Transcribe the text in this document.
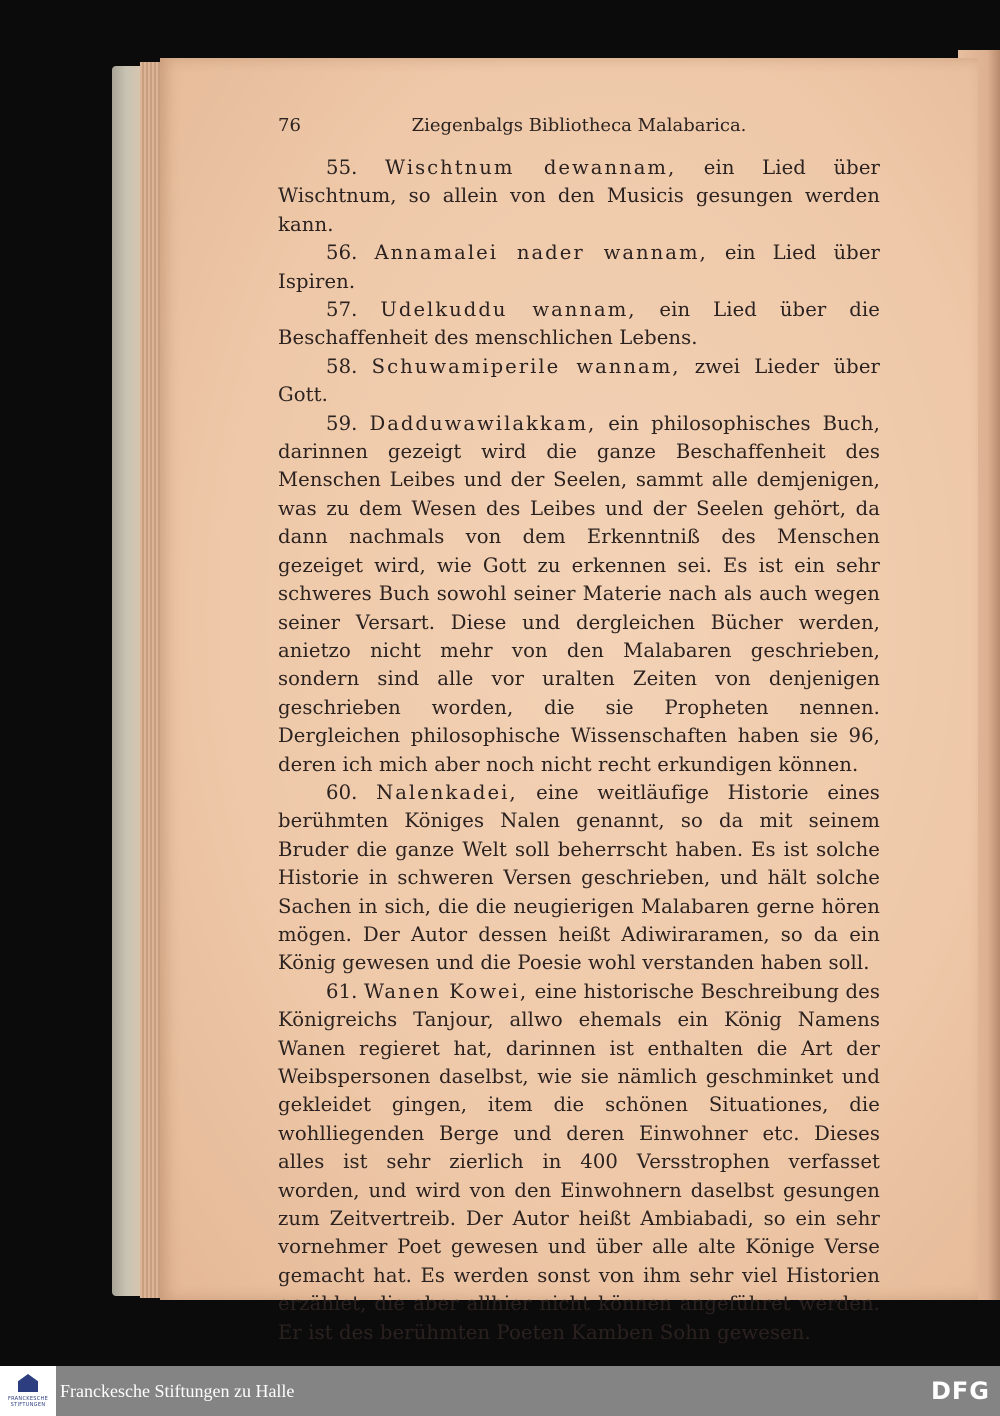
76	Ziegenbalgs Bibliotheca Malabarica.

55. Wischtnum dewannam, ein Lied über Wischtnum, so allein von den Musicis gesungen werden kann.

56. Annamalei nader wannam, ein Lied über Ispiren.

57. Udelkuddu wannam, ein Lied über die Beschaffenheit des menschlichen Lebens.

58. Schuwamiperile wannam, zwei Lieder über Gott.

59. Dadduwawilakkam, ein philosophisches Buch, darinnen gezeigt wird die ganze Beschaffenheit des Menschen Leibes und der Seelen, sammt alle demjenigen, was zu dem Wesen des Leibes und der Seelen gehört, da dann nachmals von dem Erkenntniß des Menschen gezeiget wird, wie Gott zu erkennen sei. Es ist ein sehr schweres Buch sowohl seiner Materie nach als auch wegen seiner Versart. Diese und dergleichen Bücher werden, anietzo nicht mehr von den Malabaren geschrieben, sondern sind alle vor uralten Zeiten von denjenigen geschrieben worden, die sie Propheten nennen. Dergleichen philosophische Wissenschaften haben sie 96, deren ich mich aber noch nicht recht erkundigen können.

60. Nalenkadei, eine weitläufige Historie eines berühmten Königes Nalen genannt, so da mit seinem Bruder die ganze Welt soll beherrscht haben. Es ist solche Historie in schweren Versen geschrieben, und hält solche Sachen in sich, die die neugierigen Malabaren gerne hören mögen. Der Autor dessen heißt Adiwiraramen, so da ein König gewesen und die Poesie wohl verstanden haben soll.

61. Wanen Kowei, eine historische Beschreibung des Königreichs Tanjour, allwo ehemals ein König Namens Wanen regieret hat, darinnen ist enthalten die Art der Weibspersonen daselbst, wie sie nämlich geschminket und gekleidet gingen, item die schönen Situationes, die wohlliegenden Berge und deren Einwohner etc. Dieses alles ist sehr zierlich in 400 Versstrophen verfasset worden, und wird von den Einwohnern daselbst gesungen zum Zeitvertreib. Der Autor heißt Ambiabadi, so ein sehr vornehmer Poet gewesen und über alle alte Könige Verse gemacht hat. Es werden sonst von ihm sehr viel Historien erzählet, die aber allhier nicht können angeführet werden. Er ist des berühmten Poeten Kamben Sohn gewesen.

FRANCKESCHE STIFTUNGEN
Franckesche Stiftungen zu Halle	DFG
